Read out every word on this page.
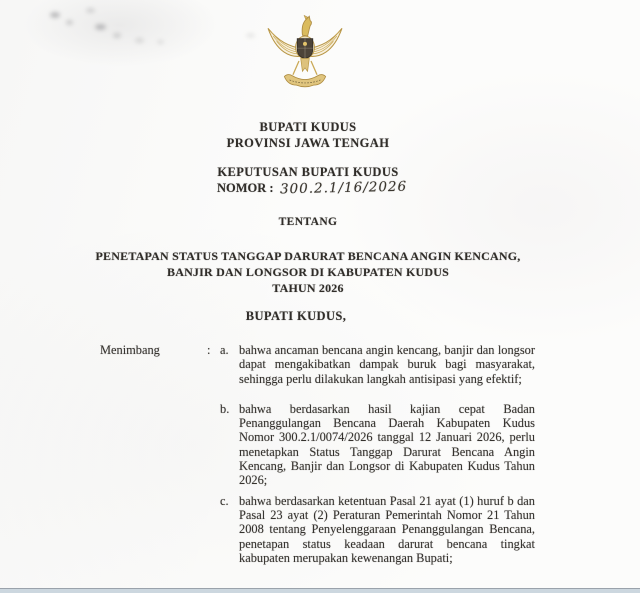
BUPATI KUDUS
PROVINSI JAWA TENGAH
KEPUTUSAN BUPATI KUDUS
NOMOR : 300.2.1/16/2026
TENTANG
PENETAPAN STATUS TANGGAP DARURAT BENCANA ANGIN KENCANG,
BANJIR DAN LONGSOR DI KABUPATEN KUDUS
TAHUN 2026
BUPATI KUDUS,
Menimbang	: a. bahwa ancaman bencana angin kencang, banjir dan longsor dapat mengakibatkan dampak buruk bagi masyarakat, sehingga perlu dilakukan langkah antisipasi yang efektif;
b. bahwa berdasarkan hasil kajian cepat Badan Penanggulangan Bencana Daerah Kabupaten Kudus Nomor 300.2.1/0074/2026 tanggal 12 Januari 2026, perlu menetapkan Status Tanggap Darurat Bencana Angin Kencang, Banjir dan Longsor di Kabupaten Kudus Tahun 2026;
c. bahwa berdasarkan ketentuan Pasal 21 ayat (1) huruf b dan Pasal 23 ayat (2) Peraturan Pemerintah Nomor 21 Tahun 2008 tentang Penyelenggaraan Penanggulangan Bencana, penetapan status keadaan darurat bencana tingkat kabupaten merupakan kewenangan Bupati;
